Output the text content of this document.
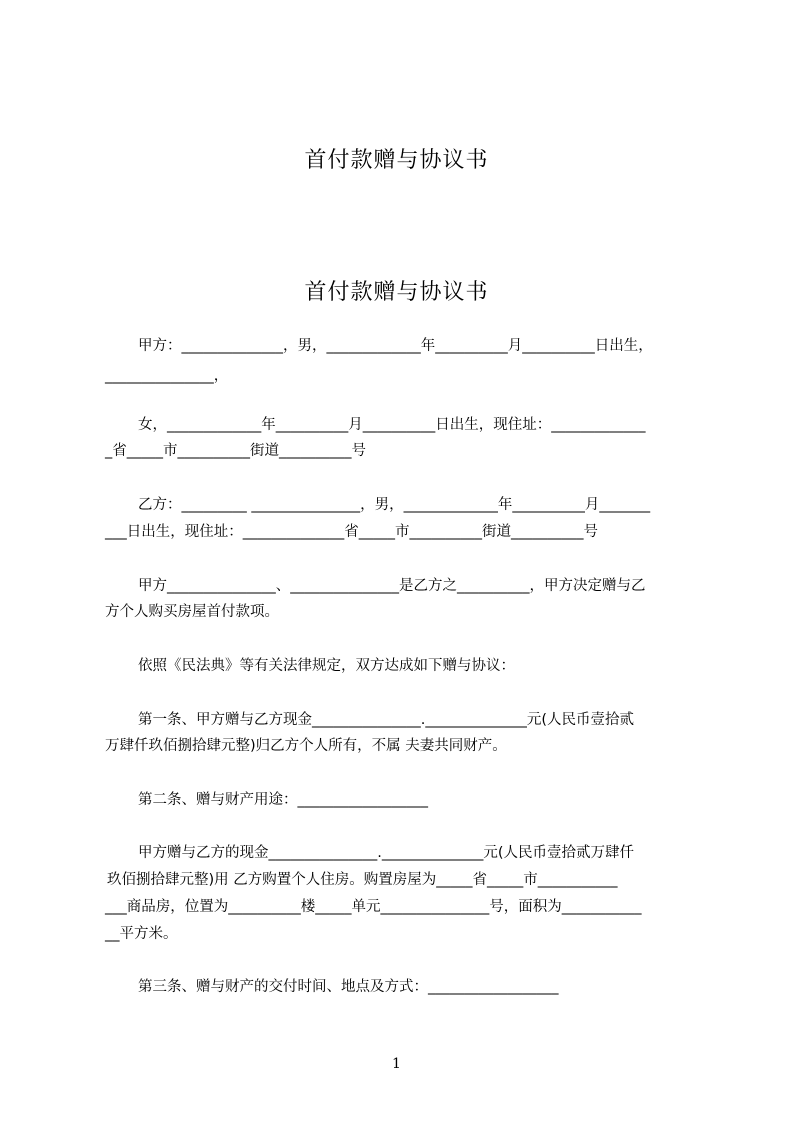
首付款赠与协议书
首付款赠与协议书
甲方：______________，男，_____________年__________月__________日出生，
_______________，
女，_____________年__________月__________日出生，现住址：_____________
_省_____市__________街道__________号
乙方：_________ _______________，男，_____________年__________月_______
___日出生，现住址：______________省_____市__________街道__________号
甲方_______________、_______________是乙方之__________，甲方决定赠与乙
方个人购买房屋首付款项。
依照《民法典》等有关法律规定，双方达成如下赠与协议：
第一条、甲方赠与乙方现金_______________.______________元(人民币壹拾贰
万肆仟玖佰捌拾肆元整)归乙方个人所有，不属 夫妻共同财产。
第二条、赠与财产用途：__________________
甲方赠与乙方的现金_______________.______________元(人民币壹拾贰万肆仟
玖佰捌拾肆元整)用 乙方购置个人住房。购置房屋为_____省_____市___________
___商品房，位置为__________楼_____单元_______________号，面积为___________
__平方米。
第三条、赠与财产的交付时间、地点及方式：__________________
1
